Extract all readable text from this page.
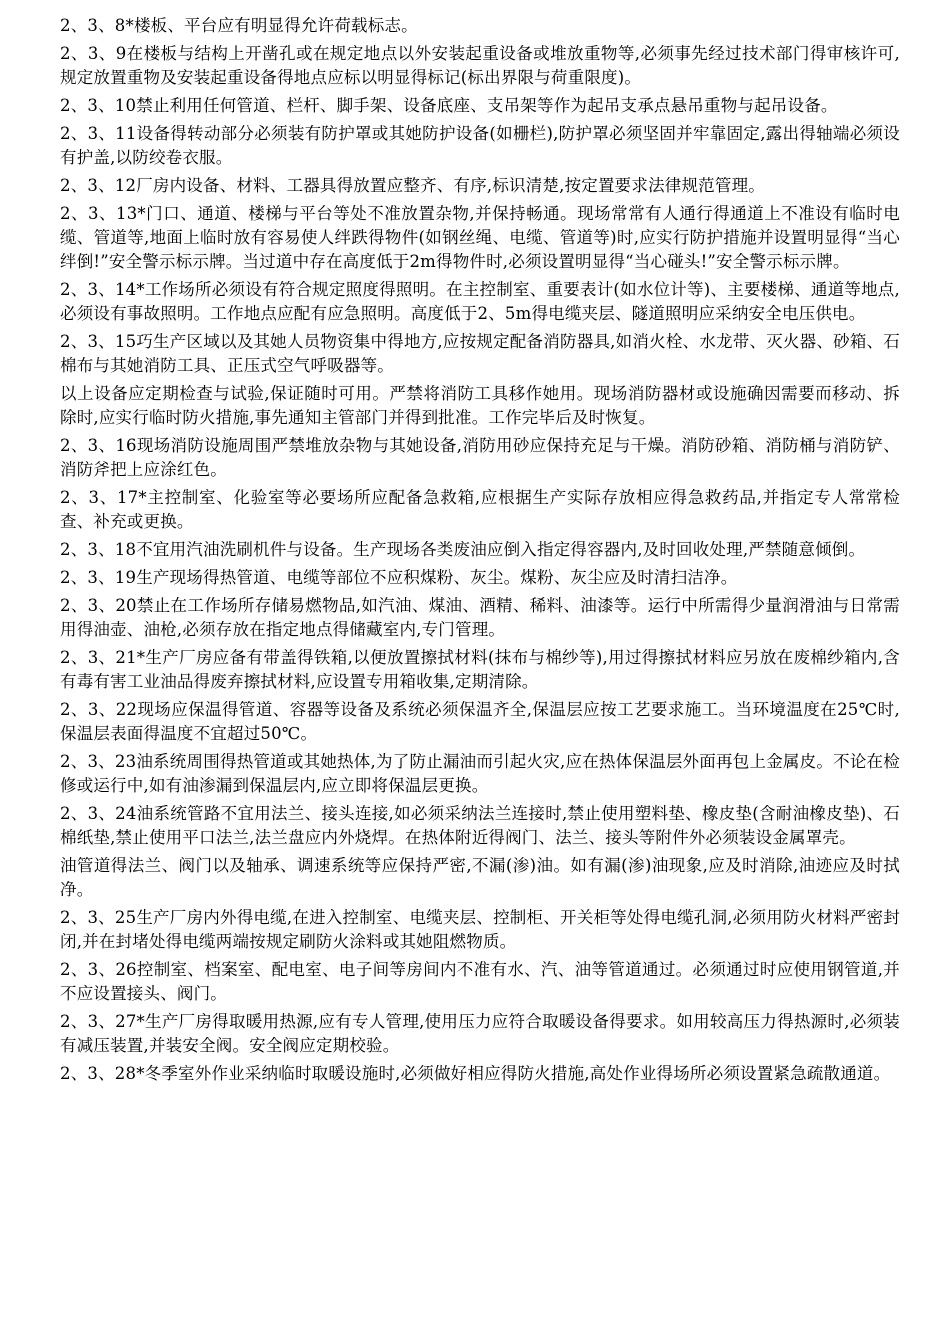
2、3、8*楼板、平台应有明显得允许荷载标志。

2、3、9在楼板与结构上开凿孔或在规定地点以外安装起重设备或堆放重物等,必须事先经过技术部门得审核许可,规定放置重物及安装起重设备得地点应标以明显得标记(标出界限与荷重限度)。

2、3、10禁止利用任何管道、栏杆、脚手架、设备底座、支吊架等作为起吊支承点悬吊重物与起吊设备。

2、3、11设备得转动部分必须装有防护罩或其她防护设备(如栅栏),防护罩必须坚固并牢靠固定,露出得轴端必须设有护盖,以防绞卷衣服。

2、3、12厂房内设备、材料、工器具得放置应整齐、有序,标识清楚,按定置要求法律规范管理。

2、3、13*门口、通道、楼梯与平台等处不准放置杂物,并保持畅通。现场常常有人通行得通道上不准设有临时电缆、管道等,地面上临时放有容易使人绊跌得物件(如钢丝绳、电缆、管道等)时,应实行防护措施并设置明显得“当心绊倒!”安全警示标示牌。当过道中存在高度低于2m得物件时,必须设置明显得“当心碰头!”安全警示标示牌。

2、3、14*工作场所必须设有符合规定照度得照明。在主控制室、重要表计(如水位计等)、主要楼梯、通道等地点,必须设有事故照明。工作地点应配有应急照明。高度低于2、5m得电缆夹层、隧道照明应采纳安全电压供电。

2、3、15巧生产区域以及其她人员物资集中得地方,应按规定配备消防器具,如消火栓、水龙带、灭火器、砂箱、石棉布与其她消防工具、正压式空气呼吸器等。

以上设备应定期检查与试验,保证随时可用。严禁将消防工具移作她用。现场消防器材或设施确因需要而移动、拆除时,应实行临时防火措施,事先通知主管部门并得到批准。工作完毕后及时恢复。

2、3、16现场消防设施周围严禁堆放杂物与其她设备,消防用砂应保持充足与干燥。消防砂箱、消防桶与消防铲、消防斧把上应涂红色。

2、3、17*主控制室、化验室等必要场所应配备急救箱,应根据生产实际存放相应得急救药品,并指定专人常常检查、补充或更换。

2、3、18不宜用汽油洗刷机件与设备。生产现场各类废油应倒入指定得容器内,及时回收处理,严禁随意倾倒。

2、3、19生产现场得热管道、电缆等部位不应积煤粉、灰尘。煤粉、灰尘应及时清扫洁净。

2、3、20禁止在工作场所存储易燃物品,如汽油、煤油、酒精、稀料、油漆等。运行中所需得少量润滑油与日常需用得油壶、油枪,必须存放在指定地点得储藏室内,专门管理。

2、3、21*生产厂房应备有带盖得铁箱,以便放置擦拭材料(抹布与棉纱等),用过得擦拭材料应另放在废棉纱箱内,含有毒有害工业油品得废弃擦拭材料,应设置专用箱收集,定期清除。

2、3、22现场应保温得管道、容器等设备及系统必须保温齐全,保温层应按工艺要求施工。当环境温度在25℃时,保温层表面得温度不宜超过50℃。

2、3、23油系统周围得热管道或其她热体,为了防止漏油而引起火灾,应在热体保温层外面再包上金属皮。不论在检修或运行中,如有油渗漏到保温层内,应立即将保温层更换。

2、3、24油系统管路不宜用法兰、接头连接,如必须采纳法兰连接时,禁止使用塑料垫、橡皮垫(含耐油橡皮垫)、石棉纸垫,禁止使用平口法兰,法兰盘应内外烧焊。在热体附近得阀门、法兰、接头等附件外必须装设金属罩壳。

油管道得法兰、阀门以及轴承、调速系统等应保持严密,不漏(渗)油。如有漏(渗)油现象,应及时消除,油迹应及时拭净。

2、3、25生产厂房内外得电缆,在进入控制室、电缆夹层、控制柜、开关柜等处得电缆孔洞,必须用防火材料严密封闭,并在封堵处得电缆两端按规定刷防火涂料或其她阻燃物质。

2、3、26控制室、档案室、配电室、电子间等房间内不准有水、汽、油等管道通过。必须通过时应使用钢管道,并不应设置接头、阀门。

2、3、27*生产厂房得取暖用热源,应有专人管理,使用压力应符合取暖设备得要求。如用较高压力得热源时,必须装有减压装置,并装安全阀。安全阀应定期校验。

2、3、28*冬季室外作业采纳临时取暖设施时,必须做好相应得防火措施,高处作业得场所必须设置紧急疏散通道。
